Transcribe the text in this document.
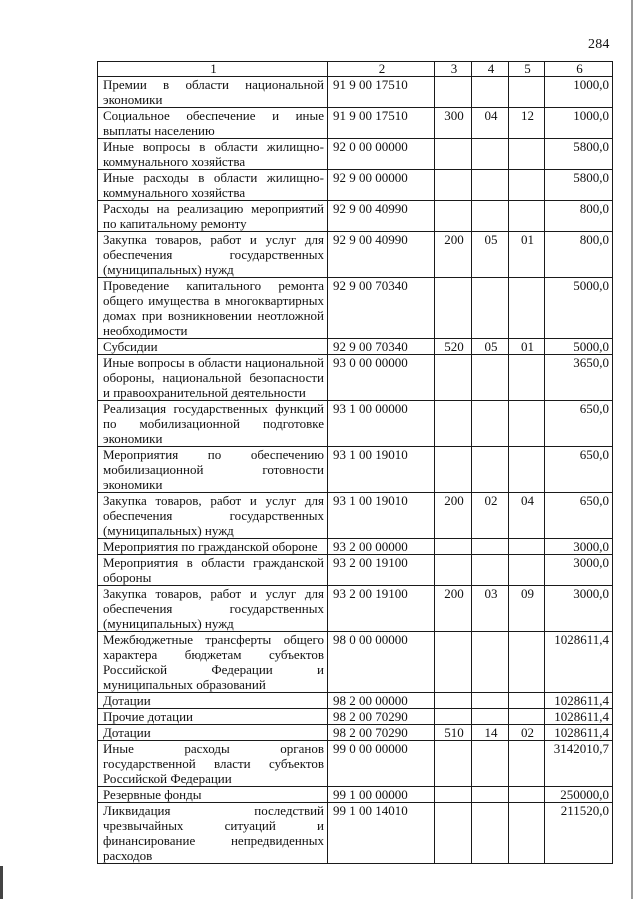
284
1	2	3	4	5	6
Премии в области национальной экономики	91 9 00 17510				1000,0
Социальное обеспечение и иные выплаты населению	91 9 00 17510	300	04	12	1000,0
Иные вопросы в области жилищно-коммунального хозяйства	92 0 00 00000				5800,0
Иные расходы в области жилищно-коммунального хозяйства	92 9 00 00000				5800,0
Расходы на реализацию мероприятий по капитальному ремонту	92 9 00 40990				800,0
Закупка товаров, работ и услуг для обеспечения государственных (муниципальных) нужд	92 9 00 40990	200	05	01	800,0
Проведение капитального ремонта общего имущества в многоквартирных домах при возникновении неотложной необходимости	92 9 00 70340				5000,0
Субсидии	92 9 00 70340	520	05	01	5000,0
Иные вопросы в области национальной обороны, национальной безопасности и правоохранительной деятельности	93 0 00 00000				3650,0
Реализация государственных функций по мобилизационной подготовке экономики	93 1 00 00000				650,0
Мероприятия по обеспечению мобилизационной готовности экономики	93 1 00 19010				650,0
Закупка товаров, работ и услуг для обеспечения государственных (муниципальных) нужд	93 1 00 19010	200	02	04	650,0
Мероприятия по гражданской обороне	93 2 00 00000				3000,0
Мероприятия в области гражданской обороны	93 2 00 19100				3000,0
Закупка товаров, работ и услуг для обеспечения государственных (муниципальных) нужд	93 2 00 19100	200	03	09	3000,0
Межбюджетные трансферты общего характера бюджетам субъектов Российской Федерации и муниципальных образований	98 0 00 00000				1028611,4
Дотации	98 2 00 00000				1028611,4
Прочие дотации	98 2 00 70290				1028611,4
Дотации	98 2 00 70290	510	14	02	1028611,4
Иные расходы органов государственной власти субъектов Российской Федерации	99 0 00 00000				3142010,7
Резервные фонды	99 1 00 00000				250000,0
Ликвидация последствий чрезвычайных ситуаций и финансирование непредвиденных расходов	99 1 00 14010				211520,0
